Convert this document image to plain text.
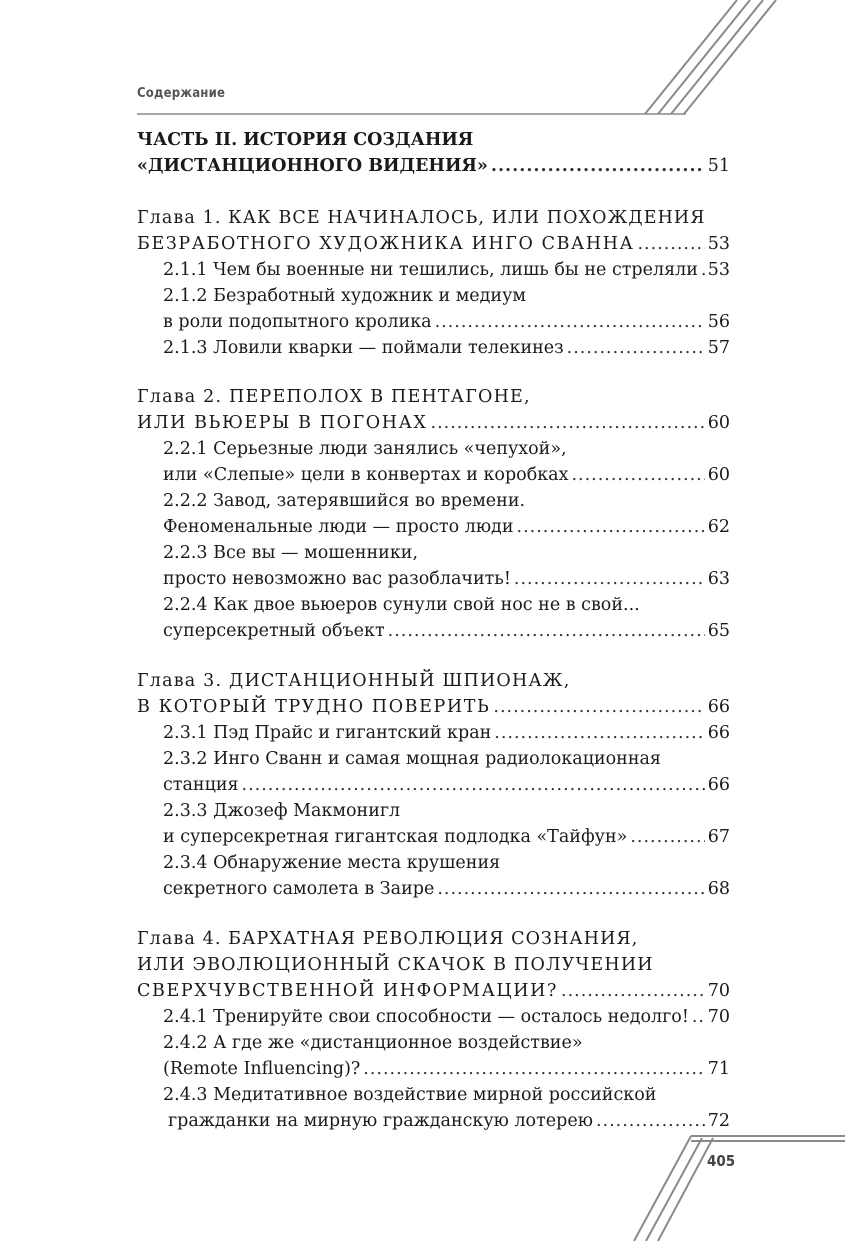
Содержание
ЧАСТЬ II. ИСТОРИЯ СОЗДАНИЯ
«ДИСТАНЦИОННОГО ВИДЕНИЯ» .....	51
Глава 1. КАК ВСЕ НАЧИНАЛОСЬ, ИЛИ ПОХОЖДЕНИЯ
БЕЗРАБОТНОГО ХУДОЖНИКА ИНГО СВАННА .....	53
2.1.1 Чем бы военные ни тешились, лишь бы не стреляли ..... 53
2.1.2 Безработный художник и медиум
в роли подопытного кролика .....	56
2.1.3 Ловили кварки — поймали телекинез .....	57
Глава 2. ПЕРЕПОЛОХ В ПЕНТАГОНЕ,
ИЛИ ВЬЮЕРЫ В ПОГОНАХ .....	60
2.2.1 Серьезные люди занялись «чепухой»,
или «Слепые» цели в конвертах и коробках .....	60
2.2.2 Завод, затерявшийся во времени.
Феноменальные люди — просто люди .....	62
2.2.3 Все вы — мошенники,
просто невозможно вас разоблачить! .....	63
2.2.4 Как двое вьюеров сунули свой нос не в свой...
суперсекретный объект .....	65
Глава 3. ДИСТАНЦИОННЫЙ ШПИОНАЖ,
В КОТОРЫЙ ТРУДНО ПОВЕРИТЬ .....	66
2.3.1 Пэд Прайс и гигантский кран .....	66
2.3.2 Инго Сванн и самая мощная радиолокационная
станция .....	66
2.3.3 Джозеф Макмонигл
и суперсекретная гигантская подлодка «Тайфун» .....	67
2.3.4 Обнаружение места крушения
секретного самолета в Заире .....	68
Глава 4. БАРХАТНАЯ РЕВОЛЮЦИЯ СОЗНАНИЯ,
ИЛИ ЭВОЛЮЦИОННЫЙ СКАЧОК В ПОЛУЧЕНИИ
СВЕРХЧУВСТВЕННОЙ ИНФОРМАЦИИ? .....	70
2.4.1 Тренируйте свои способности — осталось недолго! ..... 70
2.4.2 А где же «дистанционное воздействие»
(Remote Influencing)? .....	71
2.4.3 Медитативное воздействие мирной российской
гражданки на мирную гражданскую лотерею .....	72
405
